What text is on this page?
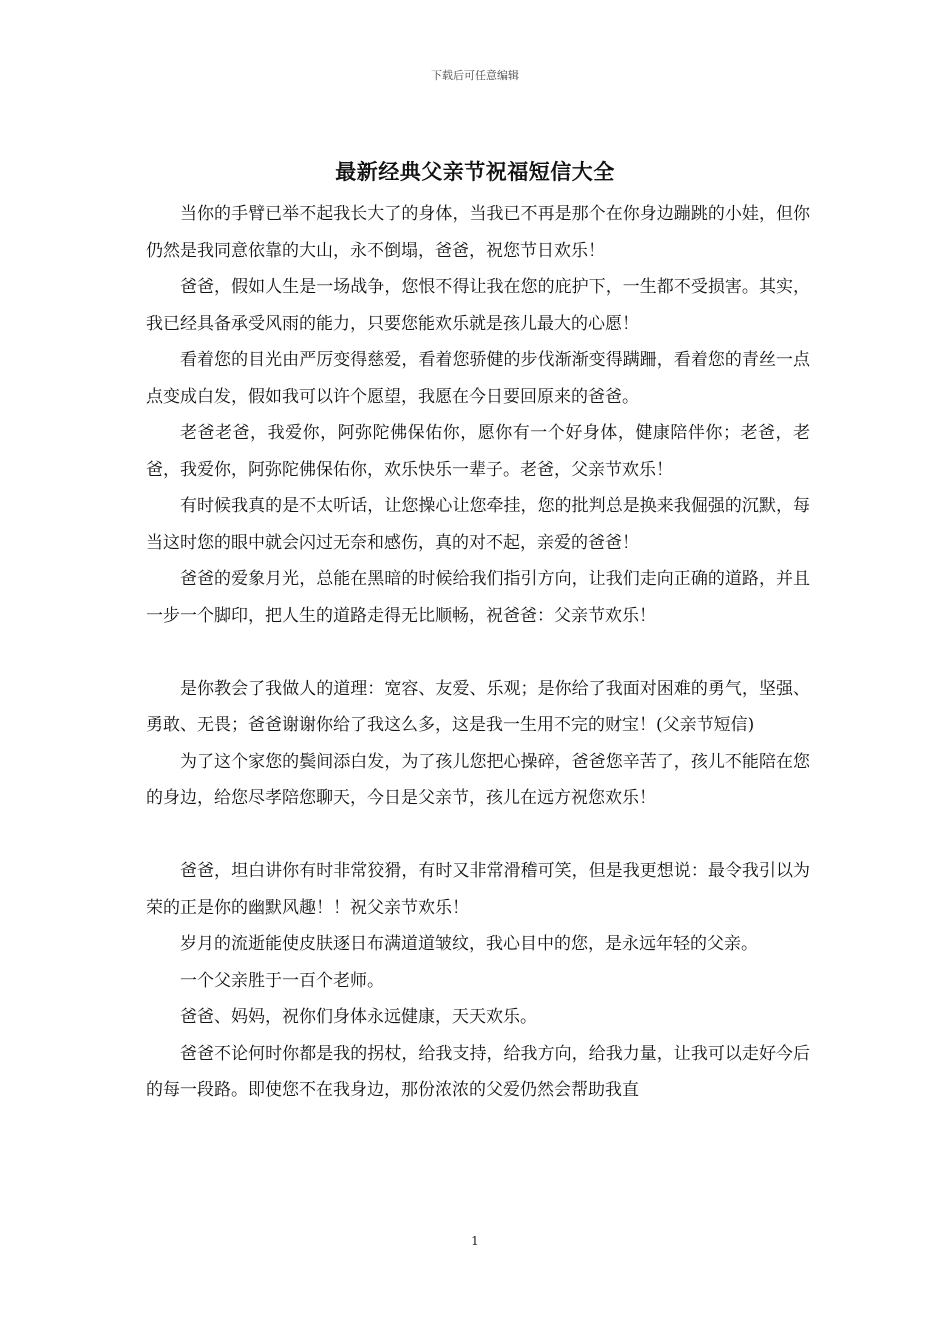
下载后可任意编辑
最新经典父亲节祝福短信大全

当你的手臂已举不起我长大了的身体，当我已不再是那个在你身边蹦跳的小娃，但你仍然是我同意依靠的大山，永不倒塌，爸爸，祝您节日欢乐！

爸爸，假如人生是一场战争，您恨不得让我在您的庇护下，一生都不受损害。其实，我已经具备承受风雨的能力，只要您能欢乐就是孩儿最大的心愿！

看着您的目光由严厉变得慈爱，看着您骄健的步伐渐渐变得蹒跚，看着您的青丝一点点变成白发，假如我可以许个愿望，我愿在今日要回原来的爸爸。

老爸老爸，我爱你，阿弥陀佛保佑你，愿你有一个好身体，健康陪伴你；老爸，老爸，我爱你，阿弥陀佛保佑你，欢乐快乐一辈子。老爸，父亲节欢乐！

有时候我真的是不太听话，让您操心让您牵挂，您的批判总是换来我倔强的沉默，每当这时您的眼中就会闪过无奈和感伤，真的对不起，亲爱的爸爸！

爸爸的爱象月光，总能在黑暗的时候给我们指引方向，让我们走向正确的道路，并且一步一个脚印，把人生的道路走得无比顺畅，祝爸爸：父亲节欢乐！

是你教会了我做人的道理：宽容、友爱、乐观；是你给了我面对困难的勇气，坚强、勇敢、无畏；爸爸谢谢你给了我这么多，这是我一生用不完的财宝！(父亲节短信)

为了这个家您的鬓间添白发，为了孩儿您把心操碎，爸爸您辛苦了，孩儿不能陪在您的身边，给您尽孝陪您聊天，今日是父亲节，孩儿在远方祝您欢乐！

爸爸，坦白讲你有时非常狡猾，有时又非常滑稽可笑，但是我更想说：最令我引以为荣的正是你的幽默风趣！！祝父亲节欢乐！

岁月的流逝能使皮肤逐日布满道道皱纹，我心目中的您，是永远年轻的父亲。

一个父亲胜于一百个老师。

爸爸、妈妈，祝你们身体永远健康，天天欢乐。

爸爸不论何时你都是我的拐杖，给我支持，给我方向，给我力量，让我可以走好今后的每一段路。即使您不在我身边，那份浓浓的父爱仍然会帮助我直

1
